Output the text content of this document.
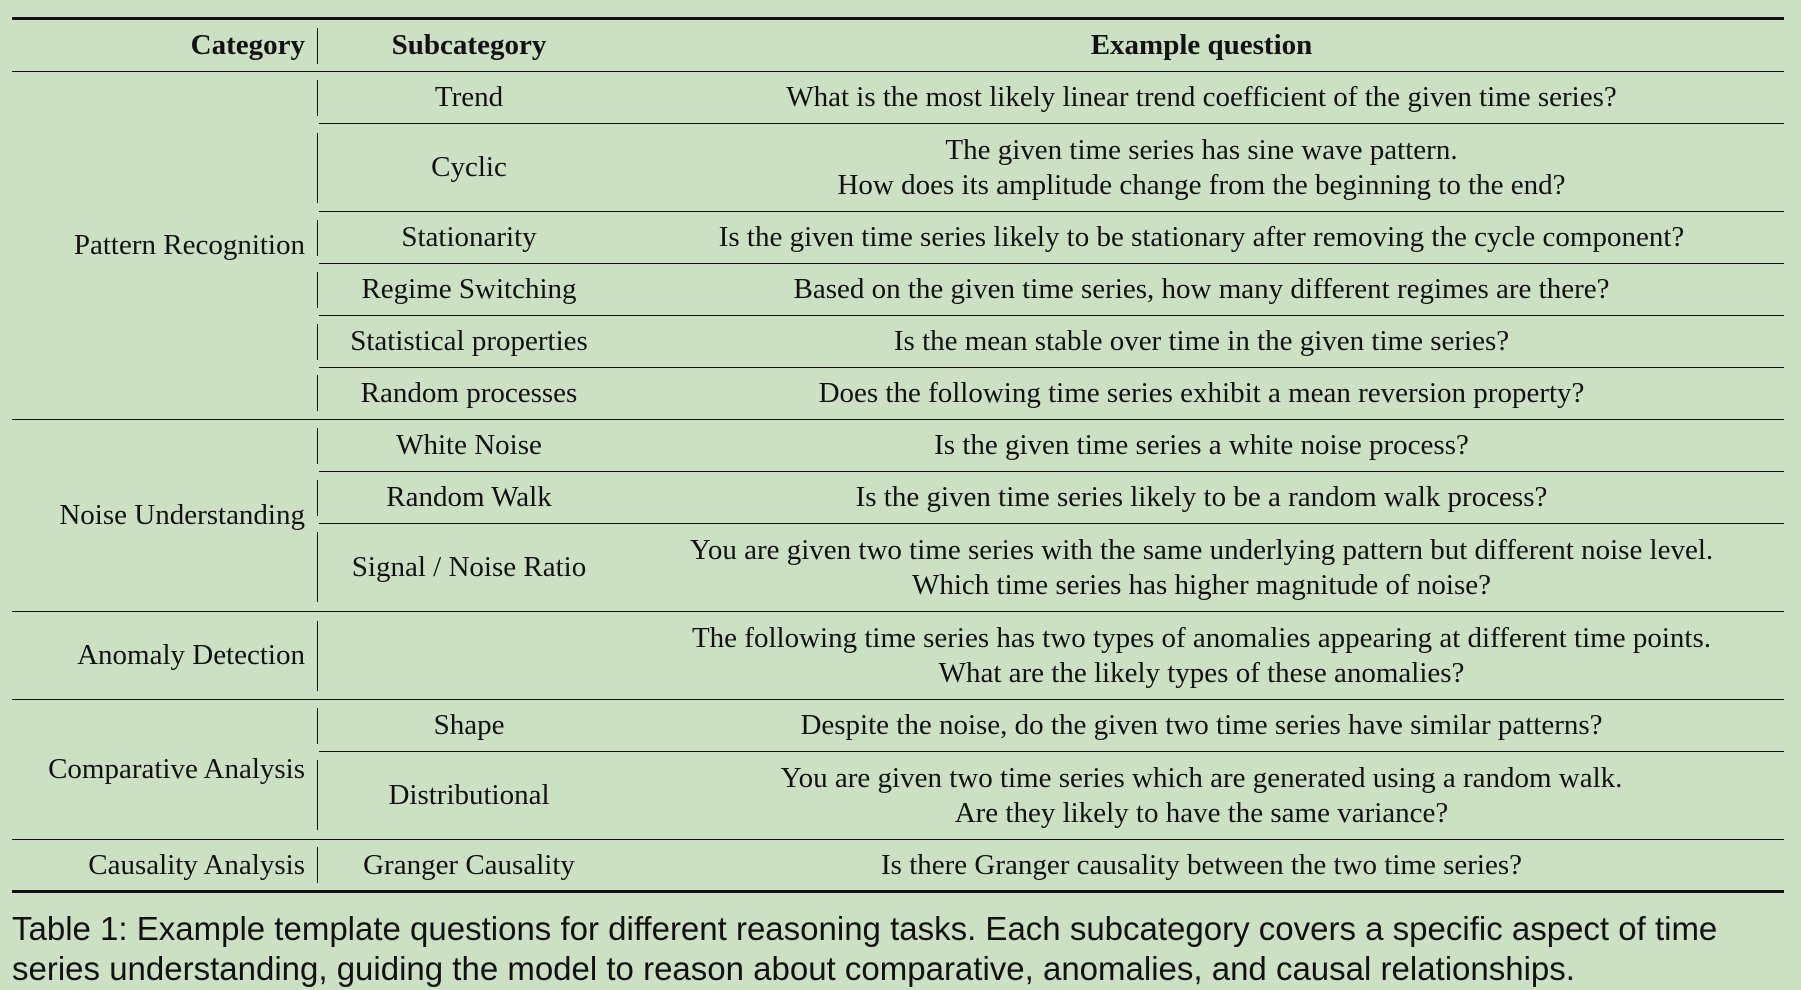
Category		Subcategory	Example question
Pattern Recognition		Trend	What is the most likely linear trend coefficient of the given time series?

		Cyclic	The given time series has sine wave pattern.
How does its amplitude change from the beginning to the end?

		Stationarity	Is the given time series likely to be stationary after removing the cycle component?

		Regime Switching	Based on the given time series, how many different regimes are there?

		Statistical properties	Is the mean stable over time in the given time series?

		Random processes	Does the following time series exhibit a mean reversion property?

Noise Understanding		White Noise	Is the given time series a white noise process?

		Random Walk	Is the given time series likely to be a random walk process?

		Signal / Noise Ratio	You are given two time series with the same underlying pattern but different noise level.
Which time series has higher magnitude of noise?

Anomaly Detection			The following time series has two types of anomalies appearing at different time points.
What are the likely types of these anomalies?

Comparative Analysis		Shape	Despite the noise, do the given two time series have similar patterns?

		Distributional	You are given two time series which are generated using a random walk.
Are they likely to have the same variance?

Causality Analysis		Granger Causality	Is there Granger causality between the two time series?
Table 1: Example template questions for different reasoning tasks. Each subcategory covers a specific aspect of time series understanding, guiding the model to reason about comparative, anomalies, and causal relationships.
